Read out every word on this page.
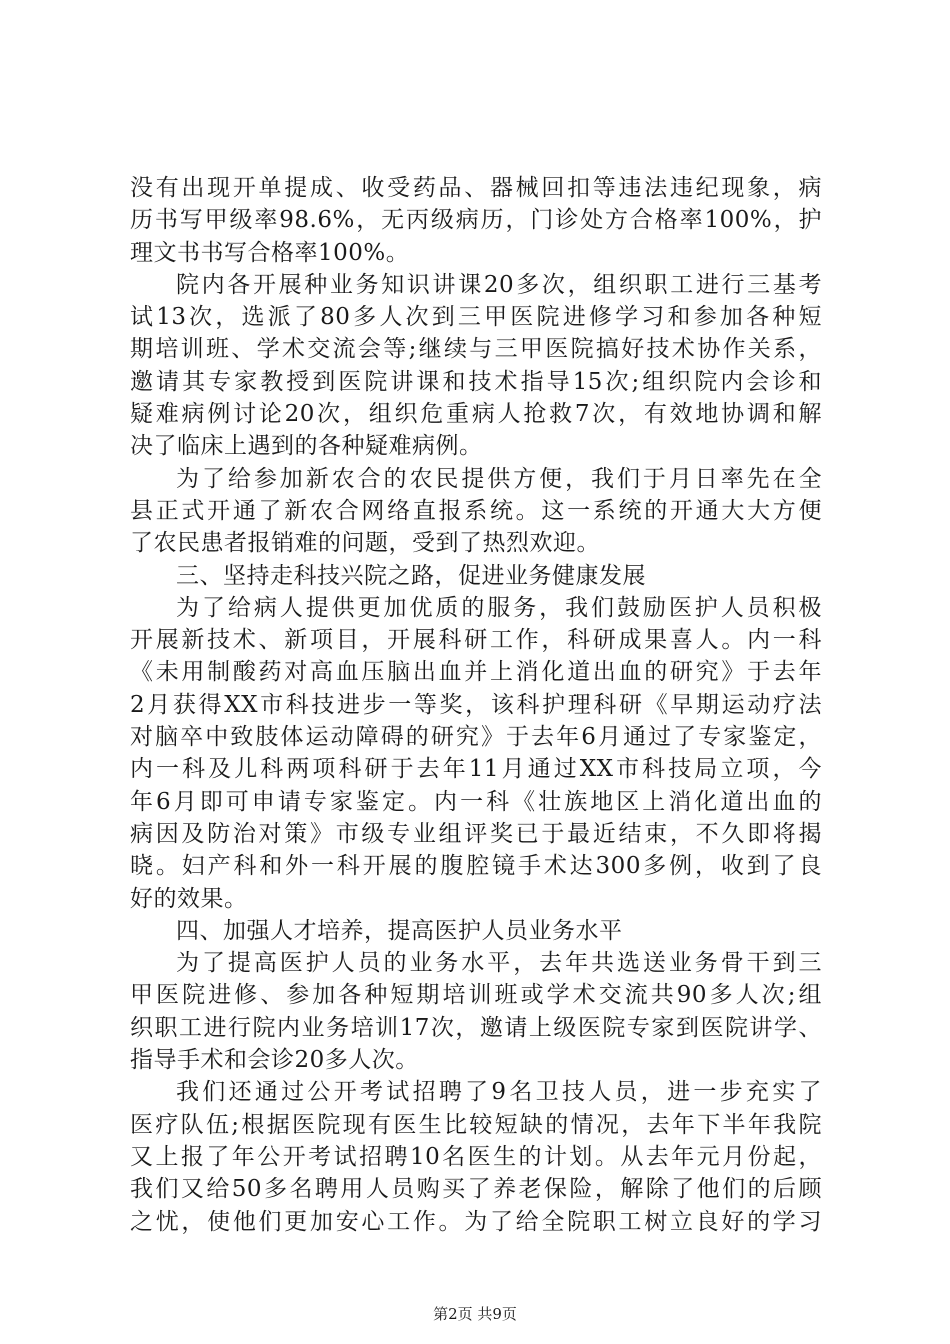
没有出现开单提成、收受药品、器械回扣等违法违纪现象，病
历书写甲级率98.6%，无丙级病历，门诊处方合格率100%，护
理文书书写合格率100%。
院内各开展种业务知识讲课20多次，组织职工进行三基考
试13次，选派了80多人次到三甲医院进修学习和参加各种短
期培训班、学术交流会等;继续与三甲医院搞好技术协作关系，
邀请其专家教授到医院讲课和技术指导15次;组织院内会诊和
疑难病例讨论20次，组织危重病人抢救7次，有效地协调和解
决了临床上遇到的各种疑难病例。
为了给参加新农合的农民提供方便，我们于月日率先在全
县正式开通了新农合网络直报系统。这一系统的开通大大方便
了农民患者报销难的问题，受到了热烈欢迎。
三、坚持走科技兴院之路，促进业务健康发展
为了给病人提供更加优质的服务，我们鼓励医护人员积极
开展新技术、新项目，开展科研工作，科研成果喜人。内一科
《未用制酸药对高血压脑出血并上消化道出血的研究》于去年
2月获得XX市科技进步一等奖，该科护理科研《早期运动疗法
对脑卒中致肢体运动障碍的研究》于去年6月通过了专家鉴定，
内一科及儿科两项科研于去年11月通过XX市科技局立项，今
年6月即可申请专家鉴定。内一科《壮族地区上消化道出血的
病因及防治对策》市级专业组评奖已于最近结束，不久即将揭
晓。妇产科和外一科开展的腹腔镜手术达300多例，收到了良
好的效果。
四、加强人才培养，提高医护人员业务水平
为了提高医护人员的业务水平，去年共选送业务骨干到三
甲医院进修、参加各种短期培训班或学术交流共90多人次;组
织职工进行院内业务培训17次，邀请上级医院专家到医院讲学、
指导手术和会诊20多人次。
我们还通过公开考试招聘了9名卫技人员，进一步充实了
医疗队伍;根据医院现有医生比较短缺的情况，去年下半年我院
又上报了年公开考试招聘10名医生的计划。从去年元月份起，
我们又给50多名聘用人员购买了养老保险，解除了他们的后顾
之忧，使他们更加安心工作。为了给全院职工树立良好的学习
第2页 共9页
